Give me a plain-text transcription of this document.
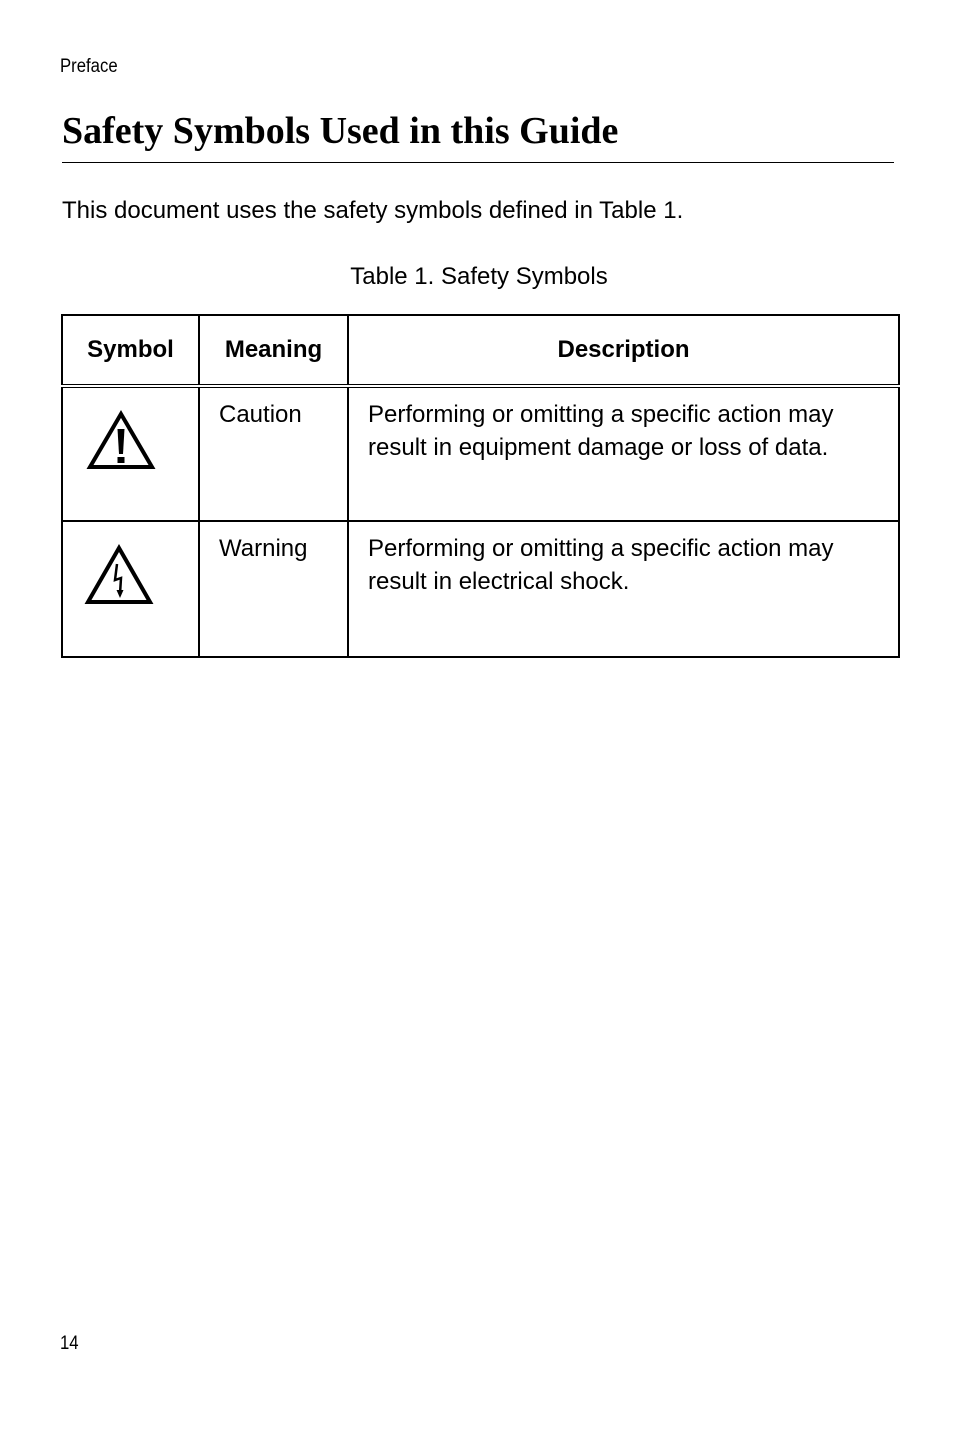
Preface
Safety Symbols Used in this Guide

This document uses the safety symbols defined in Table 1.

Table 1. Safety Symbols
Symbol	Meaning	Description

	Caution	Performing or omitting a specific action may result in equipment damage or loss of data.

	Warning	Performing or omitting a specific action may result in electrical shock.
14
